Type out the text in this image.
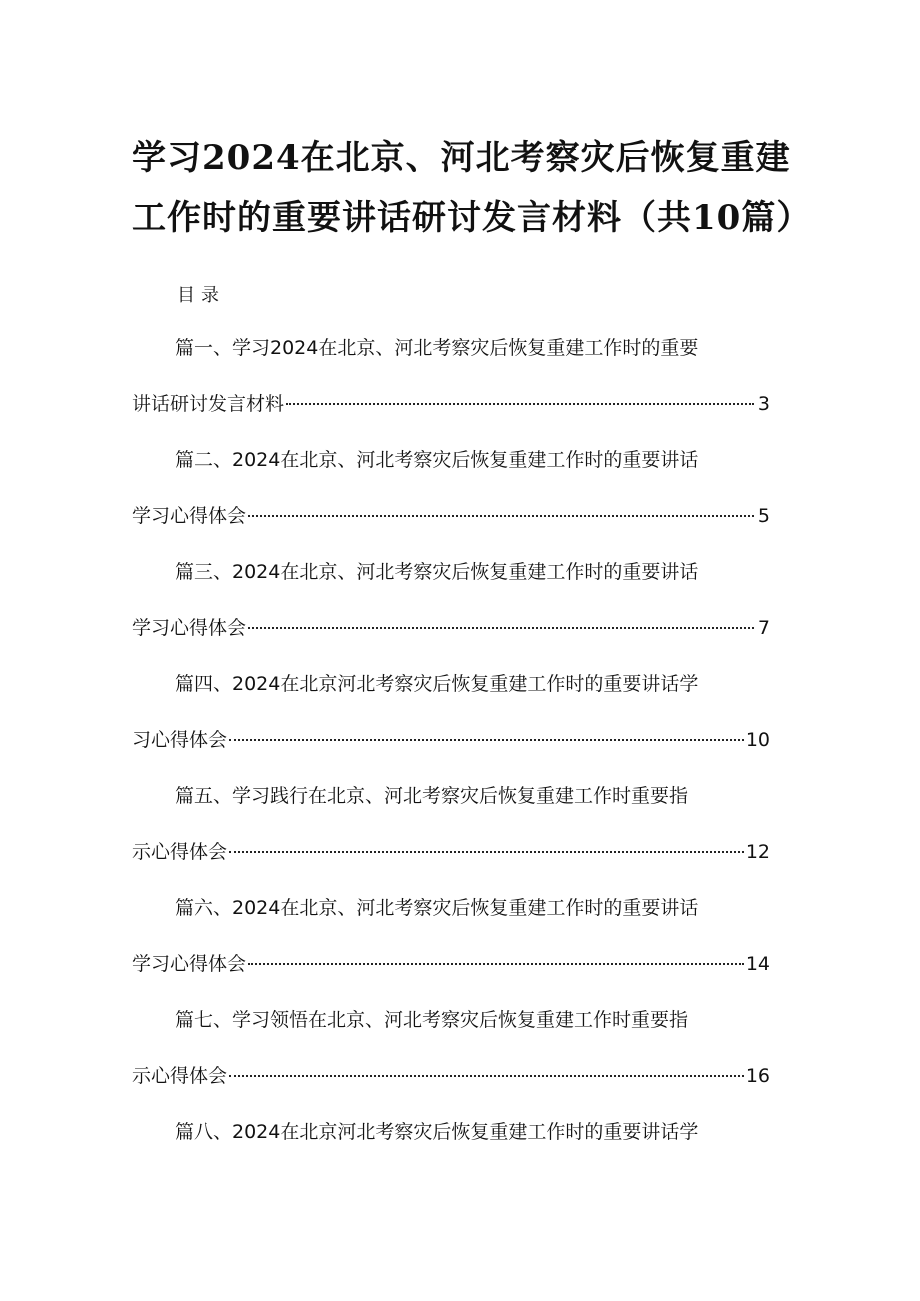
学习2024在北京、河北考察灾后恢复重建
工作时的重要讲话研讨发言材料（共10篇）
目录
篇一、学习2024在北京、河北考察灾后恢复重建工作时的重要
讲话研讨发言材料	3
篇二、2024在北京、河北考察灾后恢复重建工作时的重要讲话
学习心得体会	5
篇三、2024在北京、河北考察灾后恢复重建工作时的重要讲话
学习心得体会	7
篇四、2024在北京河北考察灾后恢复重建工作时的重要讲话学
习心得体会	10
篇五、学习践行在北京、河北考察灾后恢复重建工作时重要指
示心得体会	12
篇六、2024在北京、河北考察灾后恢复重建工作时的重要讲话
学习心得体会	14
篇七、学习领悟在北京、河北考察灾后恢复重建工作时重要指
示心得体会	16
篇八、2024在北京河北考察灾后恢复重建工作时的重要讲话学
